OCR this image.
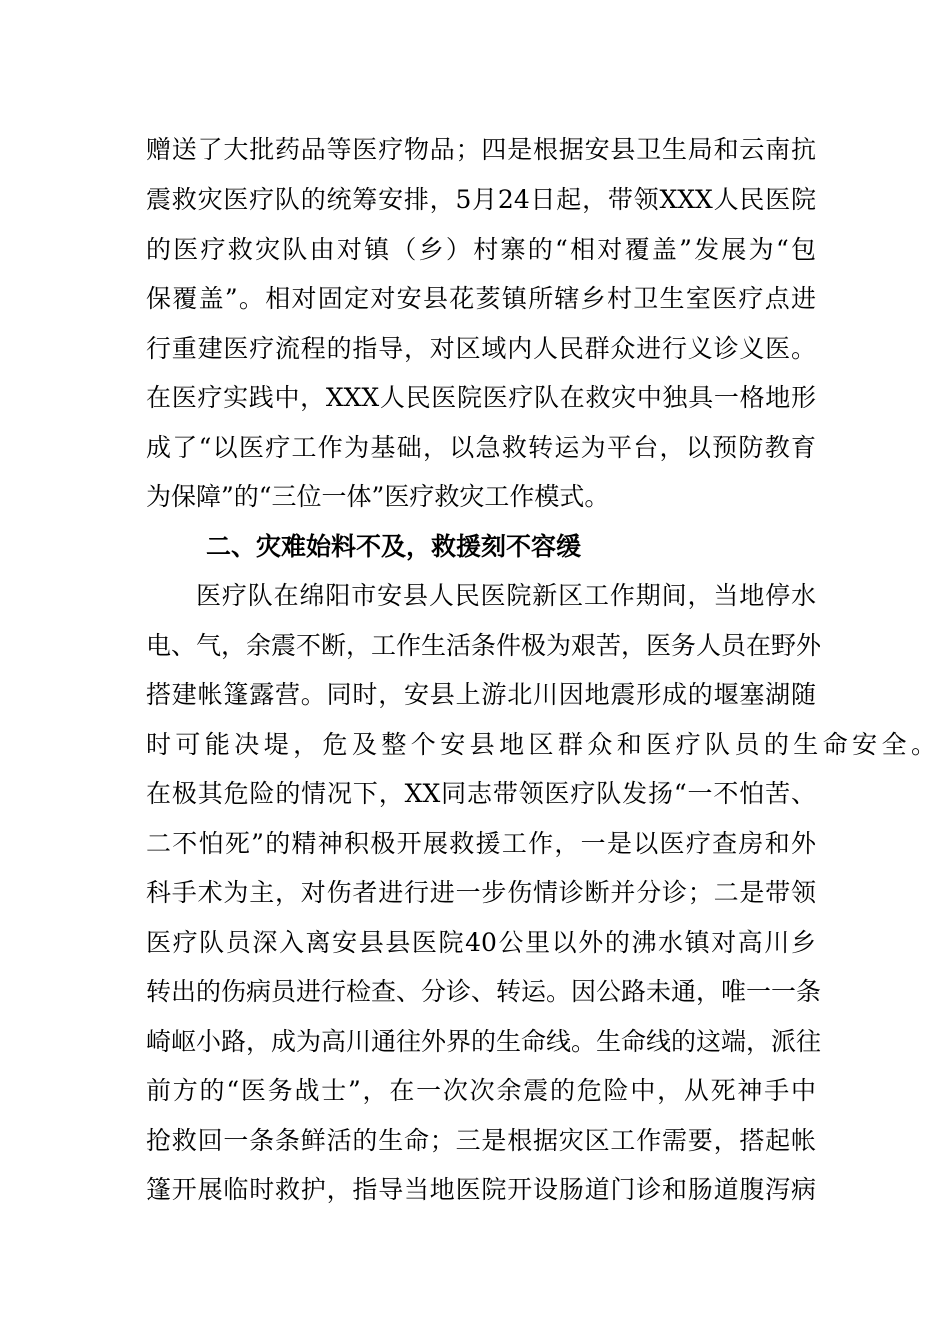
赠送了大批药品等医疗物品；四是根据安县卫生局和云南抗
震救灾医疗队的统筹安排，5月24日起，带领XXX人民医院
的医疗救灾队由对镇（乡）村寨的“相对覆盖”发展为“包
保覆盖”。相对固定对安县花荄镇所辖乡村卫生室医疗点进
行重建医疗流程的指导，对区域内人民群众进行义诊义医。
在医疗实践中，XXX人民医院医疗队在救灾中独具一格地形
成了“以医疗工作为基础，以急救转运为平台，以预防教育
为保障”的“三位一体”医疗救灾工作模式。
二、灾难始料不及，救援刻不容缓
医疗队在绵阳市安县人民医院新区工作期间，当地停水
电、气，余震不断，工作生活条件极为艰苦，医务人员在野外
搭建帐篷露营。同时，安县上游北川因地震形成的堰塞湖随
时可能决堤，危及整个安县地区群众和医疗队员的生命安全。
在极其危险的情况下，XX同志带领医疗队发扬“一不怕苦、
二不怕死”的精神积极开展救援工作，一是以医疗查房和外
科手术为主，对伤者进行进一步伤情诊断并分诊；二是带领
医疗队员深入离安县县医院40公里以外的沸水镇对高川乡
转出的伤病员进行检查、分诊、转运。因公路未通，唯一一条
崎岖小路，成为高川通往外界的生命线。生命线的这端，派往
前方的“医务战士”，在一次次余震的危险中，从死神手中
抢救回一条条鲜活的生命；三是根据灾区工作需要，搭起帐
篷开展临时救护，指导当地医院开设肠道门诊和肠道腹泻病
